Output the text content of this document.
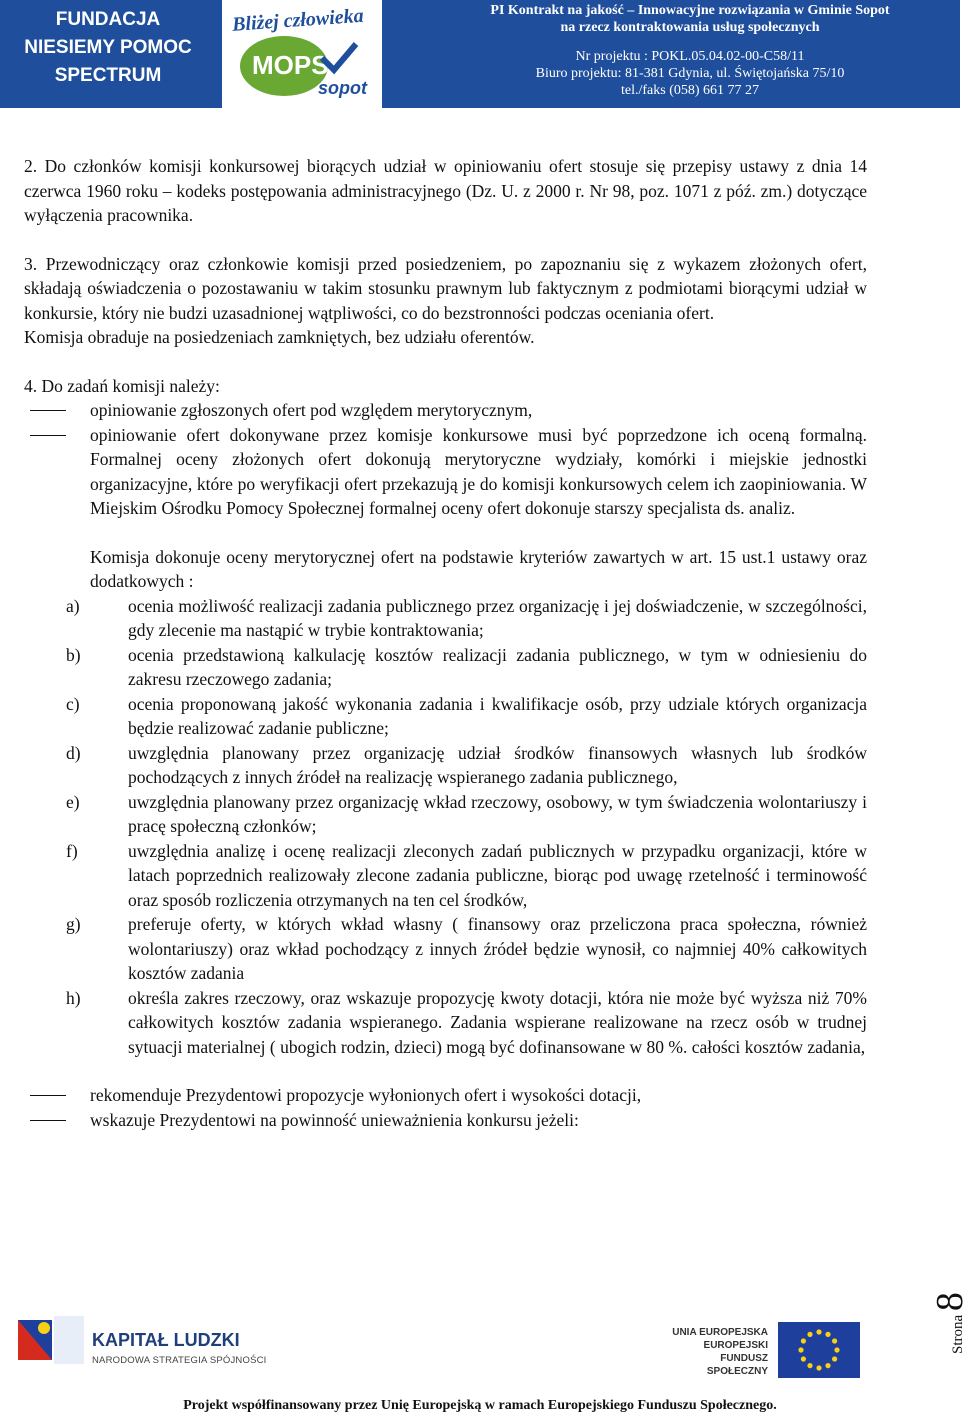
FUNDACJA
NIESIEMY POMOC
SPECTRUM
Bliżej człowieka
MOPS
sopot
PI Kontrakt na jakość – Innowacyjne rozwiązania w Gminie Sopot
na rzecz kontraktowania usług społecznych
Nr projektu : POKL.05.04.02-00-C58/11
Biuro projektu: 81-381 Gdynia, ul. Świętojańska 75/10
tel./faks (058) 661 77 27

2. Do członków komisji konkursowej biorących udział w opiniowaniu ofert stosuje się przepisy ustawy z dnia 14 czerwca 1960 roku – kodeks postępowania administracyjnego (Dz. U. z 2000 r. Nr 98, poz. 1071 z póź. zm.) dotyczące wyłączenia pracownika.

3. Przewodniczący oraz członkowie komisji przed posiedzeniem, po zapoznaniu się z wykazem złożonych ofert, składają oświadczenia o pozostawaniu w takim stosunku prawnym lub faktycznym z podmiotami biorącymi udział w konkursie, który nie budzi uzasadnionej wątpliwości, co do bezstronności podczas oceniania ofert.

Komisja obraduje na posiedzeniach zamkniętych, bez udziału oferentów.

4. Do zadań komisji należy:

opiniowanie zgłoszonych ofert pod względem merytorycznym,

opiniowanie ofert dokonywane przez komisje konkursowe musi być poprzedzone ich oceną formalną. Formalnej oceny złożonych ofert dokonują merytoryczne wydziały, komórki i miejskie jednostki organizacyjne, które po weryfikacji ofert przekazują je do komisji konkursowych celem ich zaopiniowania. W Miejskim Ośrodku Pomocy Społecznej formalnej oceny ofert dokonuje starszy specjalista ds. analiz.

Komisja dokonuje oceny merytorycznej ofert na podstawie kryteriów zawartych w art. 15 ust.1 ustawy oraz dodatkowych :

a)	ocenia możliwość realizacji zadania publicznego przez organizację i jej doświadczenie, w szczególności, gdy zlecenie ma nastąpić w trybie kontraktowania;

b)	ocenia przedstawioną kalkulację kosztów realizacji zadania publicznego, w tym w odniesieniu do zakresu rzeczowego zadania;

c)	ocenia proponowaną jakość wykonania zadania i kwalifikacje osób, przy udziale których organizacja będzie realizować zadanie publiczne;

d)	uwzględnia planowany przez organizację udział środków finansowych własnych lub środków pochodzących z innych źródeł na realizację wspieranego zadania publicznego,

e)	uwzględnia planowany przez organizację wkład rzeczowy, osobowy, w tym świadczenia wolontariuszy i pracę społeczną członków;

f)	uwzględnia analizę i ocenę realizacji zleconych zadań publicznych w przypadku organizacji, które w latach poprzednich realizowały zlecone zadania publiczne, biorąc pod uwagę rzetelność i terminowość oraz sposób rozliczenia otrzymanych na ten cel środków,

g)	preferuje oferty, w których wkład własny ( finansowy oraz przeliczona praca społeczna, również wolontariuszy) oraz wkład pochodzący z innych źródeł będzie wynosił, co najmniej 40% całkowitych kosztów zadania

h)	określa zakres rzeczowy, oraz wskazuje propozycję kwoty dotacji, która nie może być wyższa niż 70% całkowitych kosztów zadania wspieranego. Zadania wspierane realizowane na rzecz osób w trudnej sytuacji materialnej ( ubogich rodzin, dzieci) mogą być dofinansowane w 80 %. całości kosztów zadania,

rekomenduje Prezydentowi propozycje wyłonionych ofert i wysokości dotacji,

wskazuje Prezydentowi na powinność unieważnienia konkursu jeżeli:

Strona 8
KAPITAŁ LUDZKI
NARODOWA STRATEGIA SPÓJNOŚCI
UNIA EUROPEJSKA
EUROPEJSKI
FUNDUSZ SPOŁECZNY
Projekt współfinansowany przez Unię Europejską w ramach Europejskiego Funduszu Społecznego.
